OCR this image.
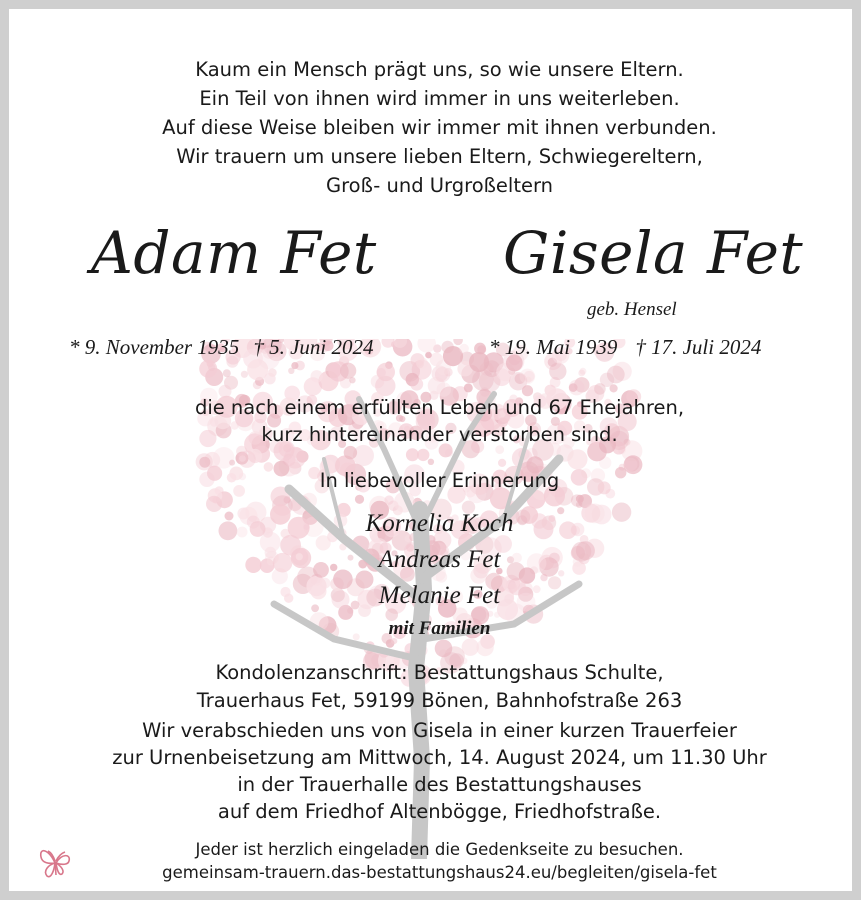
Kaum ein Mensch prägt uns, so wie unsere Eltern.
Ein Teil von ihnen wird immer in uns weiterleben.
Auf diese Weise bleiben wir immer mit ihnen verbunden.
Wir trauern um unsere lieben Eltern, Schwiegereltern,
Groß- und Urgroßeltern
Adam Fet Gisela Fet
geb. Hensel
* 9. November 1935 † 5. Juni 2024	* 19. Mai 1939 † 17. Juli 2024
die nach einem erfüllten Leben und 67 Ehejahren,
kurz hintereinander verstorben sind.
In liebevoller Erinnerung
Kornelia Koch
Andreas Fet
Melanie Fet
mit Familien
Kondolenzanschrift: Bestattungshaus Schulte,
Trauerhaus Fet, 59199 Bönen, Bahnhofstraße 263
Wir verabschieden uns von Gisela in einer kurzen Trauerfeier
zur Urnenbeisetzung am Mittwoch, 14. August 2024, um 11.30 Uhr
in der Trauerhalle des Bestattungshauses
auf dem Friedhof Altenbögge, Friedhofstraße.
Jeder ist herzlich eingeladen die Gedenkseite zu besuchen.
gemeinsam-trauern.das-bestattungshaus24.eu/begleiten/gisela-fet
